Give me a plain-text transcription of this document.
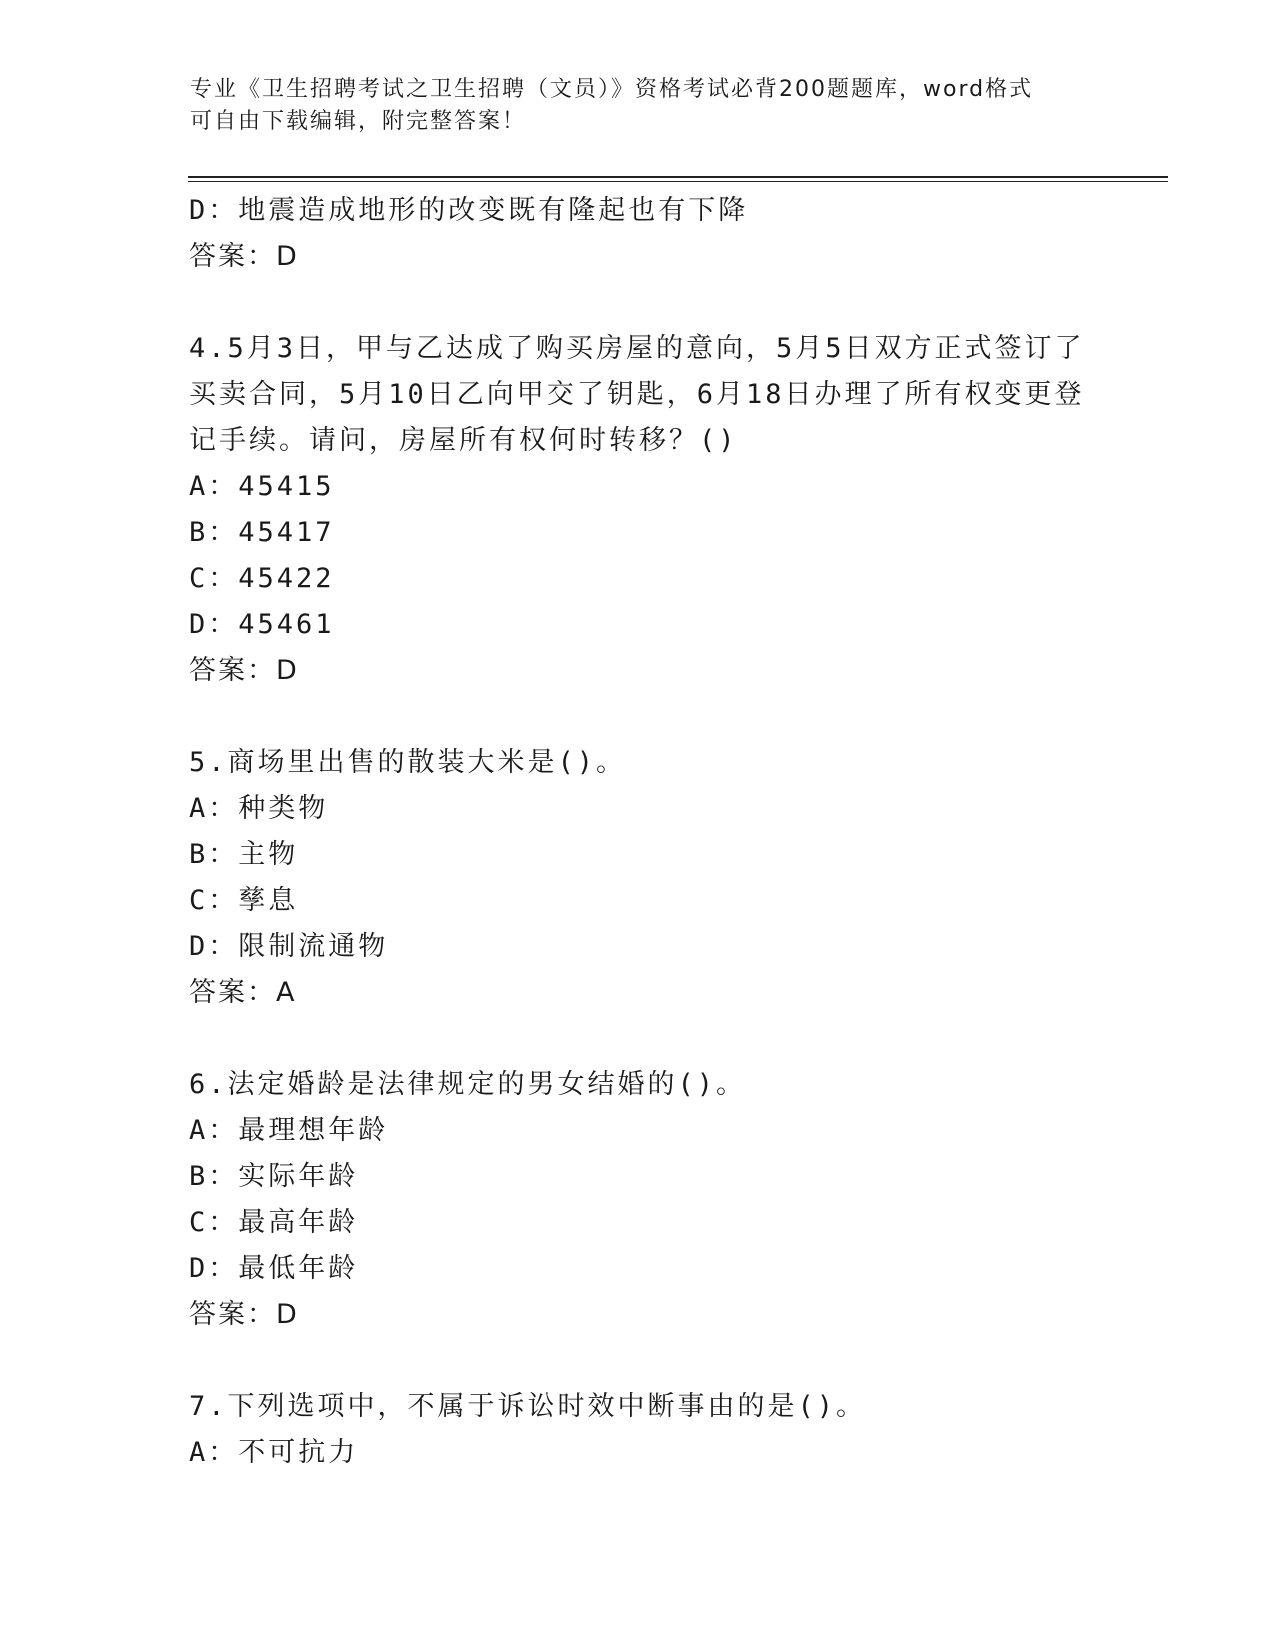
专业《卫生招聘考试之卫生招聘（文员）》资格考试必背200题题库，word格式
可自由下载编辑，附完整答案！
D：地震造成地形的改变既有隆起也有下降
答案：D
4.5月3日，甲与乙达成了购买房屋的意向，5月5日双方正式签订了
买卖合同，5月10日乙向甲交了钥匙，6月18日办理了所有权变更登
记手续。请问，房屋所有权何时转移？()
A：45415
B：45417
C：45422
D：45461
答案：D
5.商场里出售的散装大米是()。
A：种类物
B：主物
C：孳息
D：限制流通物
答案：A
6.法定婚龄是法律规定的男女结婚的()。
A：最理想年龄
B：实际年龄
C：最高年龄
D：最低年龄
答案：D
7.下列选项中，不属于诉讼时效中断事由的是()。
A：不可抗力
